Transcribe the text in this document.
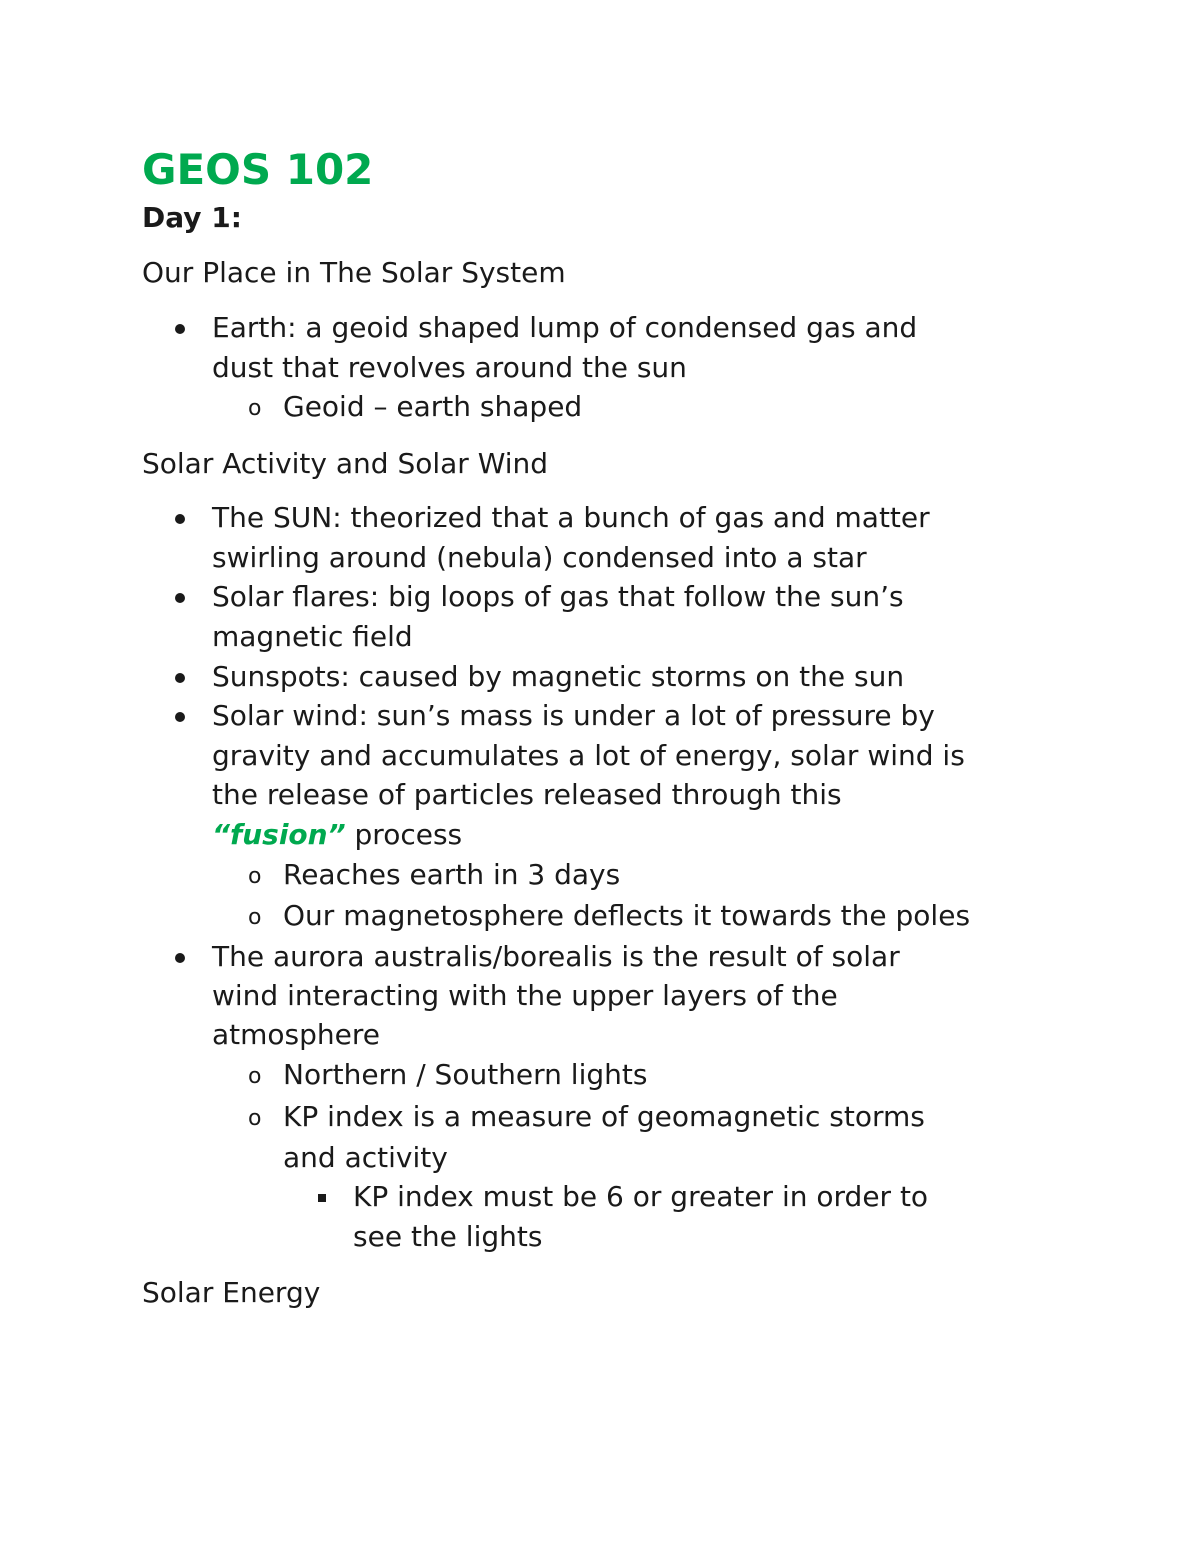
GEOS 102
Day 1:

Our Place in The Solar System

Earth: a geoid shaped lump of condensed gas and

dust that revolves around the sun

o Geoid – earth shaped

Solar Activity and Solar Wind

The SUN: theorized that a bunch of gas and matter

swirling around (nebula) condensed into a star

Solar flares: big loops of gas that follow the sun’s

magnetic field

Sunspots: caused by magnetic storms on the sun

Solar wind: sun’s mass is under a lot of pressure by

gravity and accumulates a lot of energy, solar wind is

the release of particles released through this

“fusion” process

o Reaches earth in 3 days

o Our magnetosphere deflects it towards the poles

The aurora australis/borealis is the result of solar

wind interacting with the upper layers of the

atmosphere

o Northern / Southern lights

o KP index is a measure of geomagnetic storms

and activity

KP index must be 6 or greater in order to

see the lights

Solar Energy
